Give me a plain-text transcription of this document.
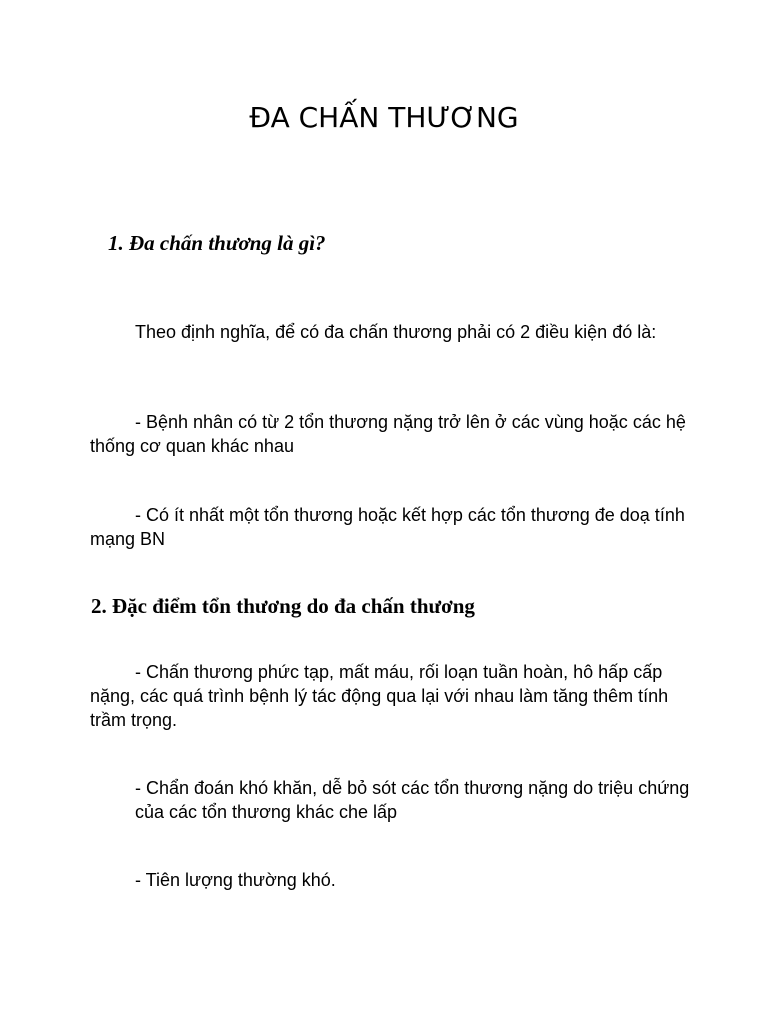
ĐA CHẤN THƯƠNG
1. Đa chấn thương là gì?

Theo định nghĩa, để có đa chấn thương phải có 2 điều kiện đó là:

- Bệnh nhân có từ 2 tổn thương nặng trở lên ở các vùng hoặc các hệ thống cơ quan khác nhau

- Có ít nhất một tổn thương hoặc kết hợp các tổn thương đe doạ tính mạng BN

2. Đặc điểm tổn thương do đa chấn thương

- Chấn thương phức tạp, mất máu, rối loạn tuần hoàn, hô hấp cấp nặng, các quá trình bệnh lý tác động qua lại với nhau làm tăng thêm tính trầm trọng.

- Chẩn đoán khó khăn, dễ bỏ sót các tổn thương nặng do triệu chứng của các tổn thương khác che lấp

- Tiên lượng thường khó.
